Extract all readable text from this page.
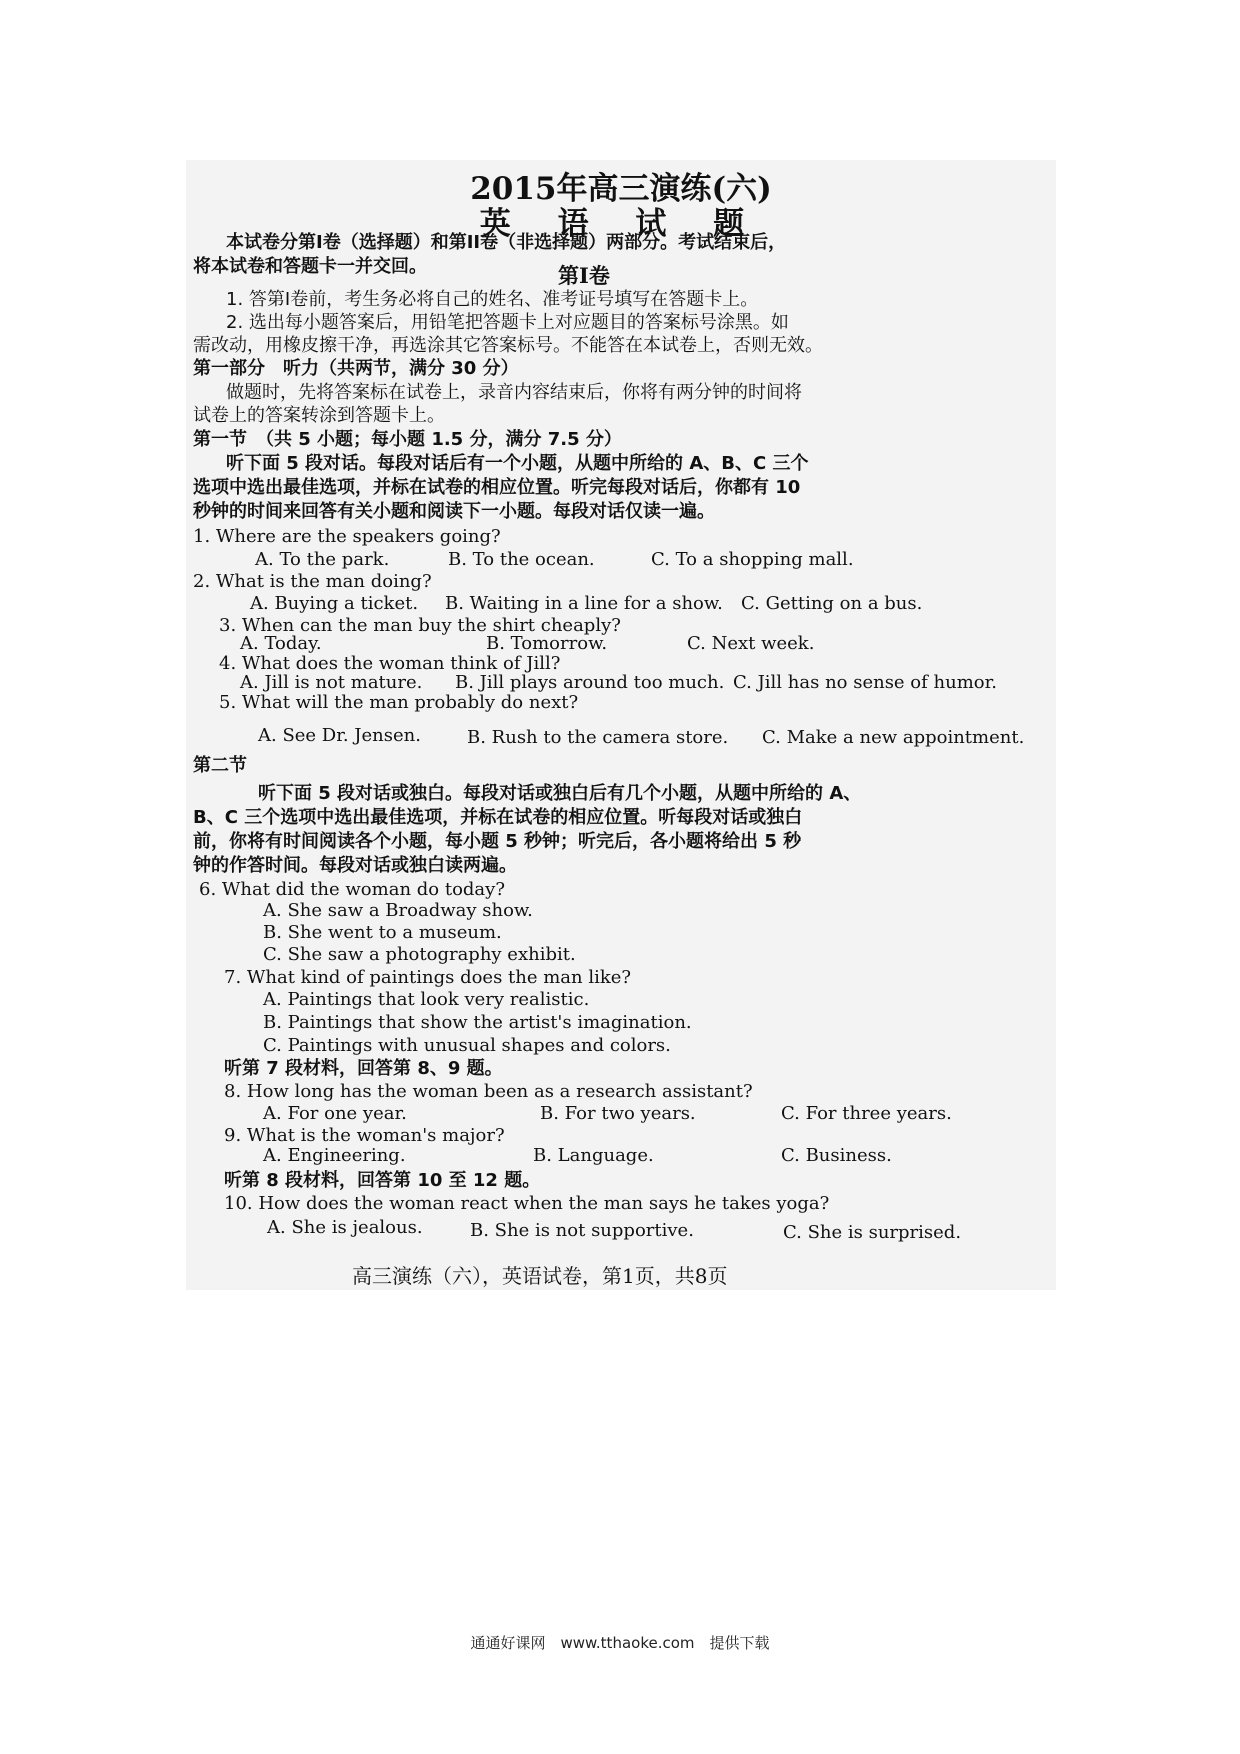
2015年高三演练(六)
英 语 试 题
本试卷分第I卷（选择题）和第II卷（非选择题）两部分。考试结束后，
将本试卷和答题卡一并交回。	第I卷
1. 答第I卷前，考生务必将自己的姓名、准考证号填写在答题卡上。
2. 选出每小题答案后，用铅笔把答题卡上对应题目的答案标号涂黑。如
需改动，用橡皮擦干净，再选涂其它答案标号。不能答在本试卷上，否则无效。
第一部分　听力（共两节，满分 30 分）
做题时，先将答案标在试卷上，录音内容结束后，你将有两分钟的时间将
试卷上的答案转涂到答题卡上。
第一节　（共 5 小题；每小题 1.5 分，满分 7.5 分）
听下面 5 段对话。每段对话后有一个小题，从题中所给的 A、B、C 三个
选项中选出最佳选项，并标在试卷的相应位置。听完每段对话后，你都有 10
秒钟的时间来回答有关小题和阅读下一小题。每段对话仅读一遍。
1. Where are the speakers going?
A. To the park.	B. To the ocean.	C. To a shopping mall.
2. What is the man doing?
A. Buying a ticket. B. Waiting in a line for a show. C. Getting on a bus.
3. When can the man buy the shirt cheaply?
A. Today.	B. Tomorrow.	C. Next week.
4. What does the woman think of Jill?
A. Jill is not mature. B. Jill plays around too much. C. Jill has no sense of humor.
5. What will the man probably do next?
A. See Dr. Jensen.	B. Rush to the camera store. C. Make a new appointment.
第二节
听下面 5 段对话或独白。每段对话或独白后有几个小题，从题中所给的 A、
B、C 三个选项中选出最佳选项，并标在试卷的相应位置。听每段对话或独白
前，你将有时间阅读各个小题，每小题 5 秒钟；听完后，各小题将给出 5 秒
钟的作答时间。每段对话或独白读两遍。
6. What did the woman do today?
A. She saw a Broadway show.
B. She went to a museum.
C. She saw a photography exhibit.
7. What kind of paintings does the man like?
A. Paintings that look very realistic.
B. Paintings that show the artist's imagination.
C. Paintings with unusual shapes and colors.
听第 7 段材料，回答第 8、9 题。
8. How long has the woman been as a research assistant?
A. For one year.	B. For two years.	C. For three years.
9. What is the woman's major?
A. Engineering.	B. Language.	C. Business.
听第 8 段材料，回答第 10 至 12 题。
10. How does the woman react when the man says he takes yoga?
A. She is jealous.	B. She is not supportive.	C. She is surprised.
高三演练（六），英语试卷，第1页，共8页
通通好课网　www.tthaoke.com　提供下载
